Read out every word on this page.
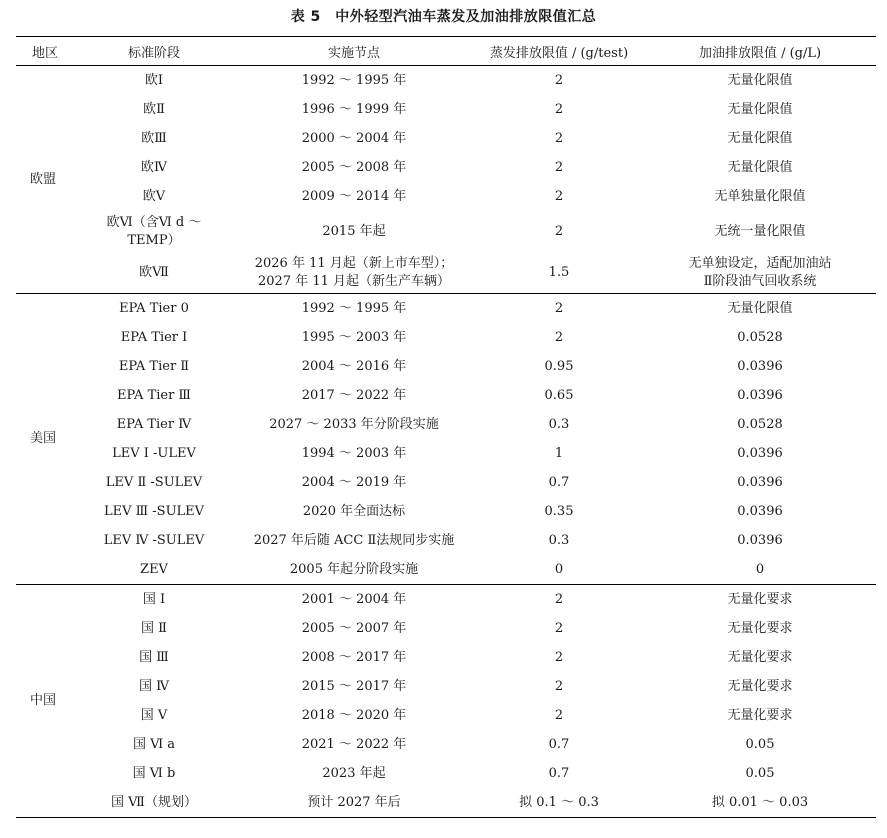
表 5　中外轻型汽油车蒸发及加油排放限值汇总
地区	标准阶段	实施节点	蒸发排放限值 / (g/test)	加油排放限值 / (g/L)
欧盟	欧Ⅰ	1992 ～ 1995 年	2	无量化限值
	欧Ⅱ	1996 ～ 1999 年	2	无量化限值
	欧Ⅲ	2000 ～ 2004 年	2	无量化限值
	欧Ⅳ	2005 ～ 2008 年	2	无量化限值
	欧Ⅴ	2009 ～ 2014 年	2	无单独量化限值
	欧Ⅵ（含Ⅵ d ～
TEMP）	2015 年起	2	无统一量化限值
	欧Ⅶ	2026 年 11 月起（新上市车型）；
2027 年 11 月起（新生产车辆）	1.5	无单独设定，适配加油站
Ⅱ阶段油气回收系统
美国	EPA Tier 0	1992 ～ 1995 年	2	无量化限值
	EPA Tier Ⅰ	1995 ～ 2003 年	2	0.0528
	EPA Tier Ⅱ	2004 ～ 2016 年	0.95	0.0396
	EPA Tier Ⅲ	2017 ～ 2022 年	0.65	0.0396
	EPA Tier Ⅳ	2027 ～ 2033 年分阶段实施	0.3	0.0528
	LEV Ⅰ -ULEV	1994 ～ 2003 年	1	0.0396
	LEV Ⅱ -SULEV	2004 ～ 2019 年	0.7	0.0396
	LEV Ⅲ -SULEV	2020 年全面达标	0.35	0.0396
	LEV Ⅳ -SULEV	2027 年后随 ACC Ⅱ法规同步实施	0.3	0.0396
	ZEV	2005 年起分阶段实施	0	0
中国	国 Ⅰ	2001 ～ 2004 年	2	无量化要求
	国 Ⅱ	2005 ～ 2007 年	2	无量化要求
	国 Ⅲ	2008 ～ 2017 年	2	无量化要求
	国 Ⅳ	2015 ～ 2017 年	2	无量化要求
	国 Ⅴ	2018 ～ 2020 年	2	无量化要求
	国 Ⅵ a	2021 ～ 2022 年	0.7	0.05
	国 Ⅵ b	2023 年起	0.7	0.05
	国 Ⅶ（规划）	预计 2027 年后	拟 0.1 ～ 0.3	拟 0.01 ～ 0.03
